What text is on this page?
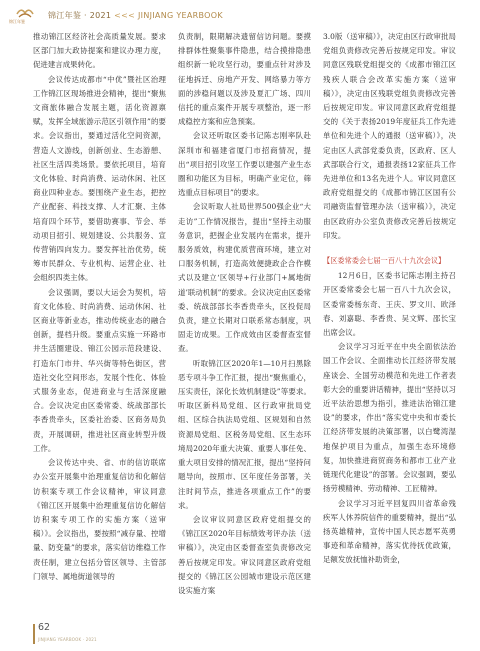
锦江年鉴
锦江年鉴 · 2021 <<< JINJIANG YEARBOOK

推动锦江区经济社会高质量发展。要求区部门加大政协提案和建议办理力度，促进建言成果转化。

会议传达成都市“中优”暨社区治理工作锦江区现场推进会精神，提出“聚焦文商旅体融合发展主题，活化资源禀赋，发挥全域旅游示范区引领作用”的要求。会议指出，要通过活化空间资源，营造人文游线，创新创业、生态游憩、社区生活四类场景。要依托项目，培育文化体验、时尚消费、运动休闲、社区商业四种业态。要围绕产业生态，把控产业配套、科技支撑、人才汇聚、主体培育四个环节，要借助赛事、节会、举动项目招引、规划建设、公共服务、宣传营销四向发力。要发挥社治优势，统筹市民群众、专业机构、运营企业、社会组织四类主体。

会议强调，要以大运会为契机，培育文化体验、时尚消费、运动休闲、社区商业等新业态，推动传统业态的融合创新，提档升级。要重点实施一环路市井生活圈建设、锦江公园示范段建设、打造东门市井、华兴街等特色街区，营造社交化空间形态，发展个性化、体验式服务业态，促进商业与生活深度融合。会议决定由区委常委、统战部部长李香贵牵头，区委社治委、区商务局负责，开展调研，推进社区商业转型升级工作。

会议传达中央、省、市的信访联席办公室开展集中治理重复信访和化解信访积案专项工作会议精神，审议同意《锦江区开展集中治理重复信访化解信访积案专项工作的实施方案（送审稿）》。会议指出，要按照“减存量、控增量、防变量”的要求，落实信访维稳工作责任制，建立包括分管区领导、主管部门领导、属地街道领导的

负责制，限期解决遗留信访问题。要摸排群体性聚集事件隐患，结合摸排隐患组织新一轮攻坚行动，要重点针对涉及征地拆迁、房地产开发、网络暴力等方面的涉稳问题以及涉及夏汇广场、四川信托的重点案件开展专项整治，逐一形成稳控方案和应急预案。

会议还听取区委书记陈志刚率队赴深圳市和福建省厦门市招商情况，提出“项目招引攻坚工作要以建强产业生态圈和功能区为目标，明确产业定位，筛选重点目标项目”的要求。

会议听取人社局世界500强企业“大走访”工作情况报告，提出“坚持主动服务意识，把握企业发展内在需求，提升服务质效，构建优质营商环境，建立对口服务机制，打造高效便捷政企合作模式以及建立‘区领导+行业部门+属地街道’联动机制”的要求。会议决定由区委常委、统战部部长李香贵牵头，区投促局负责，建立长期对口联系常态制度，巩固走访成果。工作成效由区委督查室督查。

听取锦江区2020年1—10月扫黑除恶专项斗争工作汇报，提出“聚焦重心，压实责任，深化长效机制建设”等要求。听取区新科局党组、区行政审批局党组、区综合执法局党组、区规划和自然资源局党组、区税务局党组、区生态环境局2020年重大决策、重要人事任免、重大项目安排的情况汇报，提出“坚持问题导向，按照市、区年度任务部署，关注时间节点，推进各项重点工作”的要求。

会议审议同意区政府党组提交的《锦江区2020年目标绩效考评办法（送审稿）》，决定由区委督查室负责修改完善后按规定印发。审议同意区政府党组提交的《锦江区公园城市建设示范区建设实施方案

3.0版（送审稿）》，决定由区行政审批局党组负责修改完善后按规定印发。审议同意区残联党组提交的《成都市锦江区残疾人联合会改革实施方案（送审稿）》，决定由区残联党组负责修改完善后按规定印发。审议同意区政府党组提交的《关于表扬2019年度征兵工作先进单位和先进个人的通报（送审稿）》，决定由区人武部党委负责，区政府、区人武部联合行文，通报表扬12家征兵工作先进单位和13名先进个人。审议同意区政府党组提交的《成都市锦江区国有公司融资监督管理办法（送审稿）》，决定由区政府办公室负责修改完善后按规定印发。

【区委常委会七届一百八十九次会议】

12月6日，区委书记陈志刚主持召开区委常委会七届一百八十九次会议，区委常委杨东奇、王庆、罗文川、欧泽春、刘嘉聪、李香贵、吴文辉、邵长宝出席会议。

会议学习习近平在中央全面依法治国工作会议、全面推动长江经济带发展座谈会、全国劳动模范和先进工作者表彰大会的重要讲话精神，提出“坚持以习近平法治思想为指引，推进法治锦江建设”的要求，作出“落实党中央和市委长江经济带发展的决策部署，以白鹭湾湿地保护项目为重点，加强生态环境修复，加快推进商贸商务和都市工业产业链现代化建设”的部署。会议强调，要弘扬劳模精神、劳动精神、工匠精神。

会议学习习近平回复四川省革命残疾军人休养院信件的重要精神，提出“弘扬英雄精神，宣传中国人民志愿军英勇事迹和革命精神，落实优待抚优政策，足额发放抚恤补助资金，

62
JINJIANG YEARBOOK · 2021
